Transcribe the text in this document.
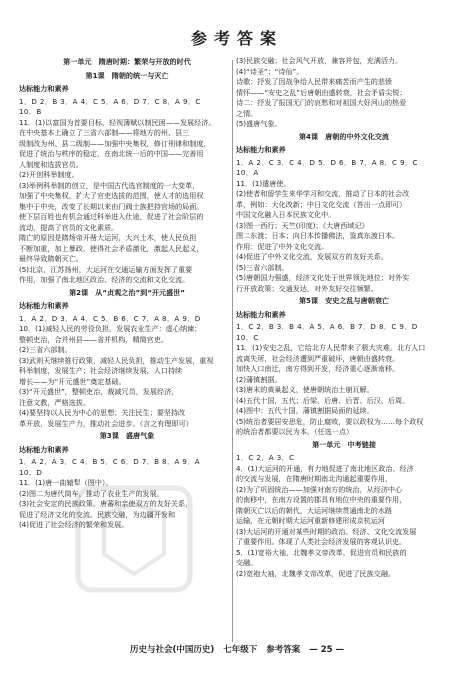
参考答案
第一单元　隋唐时期：繁荣与开放的时代
第1课　隋朝的统一与灭亡
达标能力和素养
1．D 2．B 3．A 4．C 5．A 6．D 7．C 8．A 9．C
10．B
11．(1)以富国为首要目标，轻视薄赋以制民困——发展经济。
在中央基本上确立了三省六部制——将地方的州、县三
级制改为州、县二级制——加强中央集权，修订刑律和制度，
促进了统治与秩序的稳定，在南北统一后的中国——完善用
人制度和选拔官员。
(2)开创科举制度。
(3)举例科举制的创立，是中国古代选官制度的一大变革，
加强了中央集权，扩大了官吏选拔的范围，使人才的选用权
集中于中央，改变了长期以来由门阀士族把持官场的局面。
使下层百姓也有机会通过科举进入仕途，促进了社会阶层的
流动，提高了官员的文化素质。
隋亡的原因是隋炀帝开凿大运河，大兴土木，使人民负担
不断加重，加上暴政，使得社会矛盾激化，激起人民起义，
最终导致隋朝灭亡。
(5)北京，江苏扬州，大运河在交通运输方面发挥了重要
作用，加强了南北地区政治、经济的交流和文化交流。
第2课　从“贞观之治”到“开元盛世”
达标能力和素养
1．A 2．D 3．A 4．C 5．B 6．C 7．A 8．A 9．D
10．(1)减轻人民的劳役负担，发展农业生产：虚心纳谏；
整顿吏治，合并州县——省并机构，精简官吏。
(2)三省六部制。
(3)武则天继续推行政策，减轻人民负担，推动生产发展，重视
科举制度，发展生产；社会经济继续发展，人口持续
增长——为“开元盛世”奠定基础。
(3)“开元盛世”，整顿吏治，裁减冗员，发展经济，
注意文教，严格选拔。
(4)要坚持以人民为中心的思想；关注民生；要坚持改
革开放，发展生产力，推动社会进步。（言之有理即可）
第3课　盛唐气象
达标能力和素养
1．A 2．A 3．C 4．B 5．C 6．D 7．B 8．A 9．A
10．D
11．(1)唐一曲辕犁（图中）。
(2)图二为唐代筒车，推动了农业生产的发展，
(3)社会安定的民族政策。唐蕃和亲使双方的友好关系，
促进了经济文化的交流。民族交融，为边疆开发和
(4)促进了社会经济的繁荣和发展。
(3)民族交融；社会风气开放，兼容并包，充满活力。
(4)“诗圣”；“诗仙”。
诗歌：抒发了因战争给人民带来痛苦而产生的悲愤
情怀——“安史之乱”后唐朝由盛转衰，社会矛盾尖锐；
诗二：抒发了报国无门的哀愁和对祖国大好河山的热爱
之情。
(5)盛唐气象。
第4课　唐朝的中外文化交流
达标能力和素养
1．A 2．C 3．C 4．D 5．D 6．B 7．A 8．C 9．C
10．A
11．(1)遣唐使。
(2)使者和留学生来华学习和交流，推动了日本的社会改
革，例如：大化改新；中日文化交流（答出一点即可）
中国文化融入日本民族文化中。
(3)图一西行；天竺(印度)；《大唐西域记》
图二东渡；日本；向日本传播佛法，鉴真东渡日本。
作用：促进了中外文化交流。
(4)促进了中外文化交流，发展双方的友好关系。
(5)三省六部制。
(5)唐朝国力强盛，经济文化处于世界领先地位；对外实
行开放政策；交通发达，对外友好交往频繁。
第5课　安史之乱与唐朝衰亡
达标能力和素养
1．C 2．B 3．B 4．A 5．A 6．B 7．D 8．C 9．D
10．C
11．(1)安史之乱，它给北方人民带来了极大灾难。北方人口
流离失所，社会经济遭到严重破坏，唐朝由盛转衰。
加快人口南迁，南方得到开发，经济重心逐渐南移。
(2)藩镇割据。
(3)唐末的黄巢起义，使唐朝统治土崩瓦解。
(4)五代十国，五代；后梁、后唐、后晋、后汉、后周。
(4)图中：五代十国，藩镇割据局面的延续。
(5)统治者要居安思危，防止腐败，要以政权为……每个政权
的统治者都要以民为本。（任选一点）
第一单元　中考链接
1．C 2．A 3．C
4．(1)大运河的开通，有力地促进了南北地区政治、经济
的交流与发展，在隋唐时期南北沟通起重要作用，
(2)为了巩固统治——加强对南方的统治，从经济中心
的南移中，在南方设置的郡具有地位中央的重要作用，
隋朝灭亡以后的朝代，大运河继续贯通南北的水路
运输，在元朝时期大运河重新修建形成京杭运河
(3)大运河的开通对某些时期的政治、经济、文化交流发展
了重要作用。体现了人类社会经济发展的客观认识史。
5．(1)宽裕大袖，北魏孝文帝改革，促进官员和民族的
交融。
(2)宽袍大袖，北魏孝文帝改革，促进了民族交融。
历史与社会(中国历史) 七年级下 参考答案 — 25 —
